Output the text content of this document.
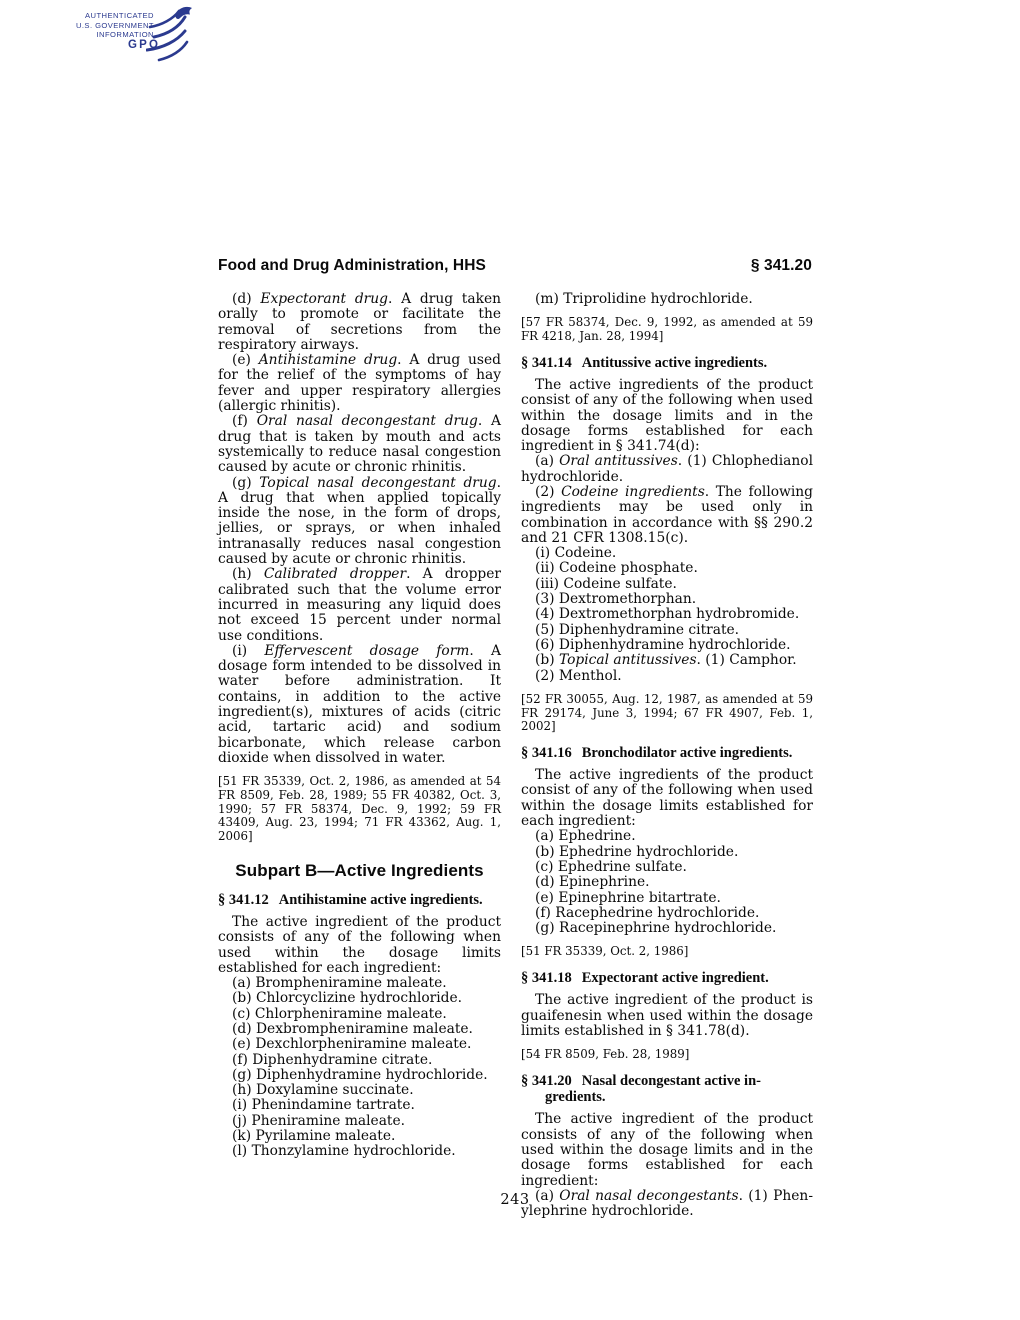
AUTHENTICATED
U.S. GOVERNMENT
INFORMATION
GPO
Food and Drug Administration, HHS	§ 341.20

(d) Expectorant drug. A drug taken orally to promote or facilitate the removal of secretions from the respiratory airways.

(e) Antihistamine drug. A drug used for the relief of the symptoms of hay fever and upper respiratory allergies (allergic rhinitis).

(f) Oral nasal decongestant drug. A drug that is taken by mouth and acts systemically to reduce nasal congestion caused by acute or chronic rhinitis.

(g) Topical nasal decongestant drug. A drug that when applied topically inside the nose, in the form of drops, jellies, or sprays, or when inhaled intranasally reduces nasal congestion caused by acute or chronic rhinitis.

(h) Calibrated dropper. A dropper calibrated such that the volume error incurred in measuring any liquid does not exceed 15 percent under normal use conditions.

(i) Effervescent dosage form. A dosage form intended to be dissolved in water before administration. It contains, in addition to the active ingredient(s), mixtures of acids (citric acid, tartaric acid) and sodium bicarbonate, which release carbon dioxide when dissolved in water.

[51 FR 35339, Oct. 2, 1986, as amended at 54 FR 8509, Feb. 28, 1989; 55 FR 40382, Oct. 3, 1990; 57 FR 58374, Dec. 9, 1992; 59 FR 43409, Aug. 23, 1994; 71 FR 43362, Aug. 1, 2006]

Subpart B—Active Ingredients
§ 341.12 Antihistamine active ingredients.

The active ingredient of the product consists of any of the following when used within the dosage limits established for each ingredient:

(a) Brompheniramine maleate.

(b) Chlorcyclizine hydrochloride.

(c) Chlorpheniramine maleate.

(d) Dexbrompheniramine maleate.

(e) Dexchlorpheniramine maleate.

(f) Diphenhydramine citrate.

(g) Diphenhydramine hydrochloride.

(h) Doxylamine succinate.

(i) Phenindamine tartrate.

(j) Pheniramine maleate.

(k) Pyrilamine maleate.

(l) Thonzylamine hydrochloride.

(m) Triprolidine hydrochloride.

[57 FR 58374, Dec. 9, 1992, as amended at 59 FR 4218, Jan. 28, 1994]

§ 341.14 Antitussive active ingredients.

The active ingredients of the product consist of any of the following when used within the dosage limits and in the dosage forms established for each ingredient in § 341.74(d):

(a) Oral antitussives. (1) Chlophedianol hydrochloride.

(2) Codeine ingredients. The following ingredients may be used only in combination in accordance with §§ 290.2 and 21 CFR 1308.15(c).

(i) Codeine.

(ii) Codeine phosphate.

(iii) Codeine sulfate.

(3) Dextromethorphan.

(4) Dextromethorphan hydrobromide.

(5) Diphenhydramine citrate.

(6) Diphenhydramine hydrochloride.

(b) Topical antitussives. (1) Camphor.

(2) Menthol.

[52 FR 30055, Aug. 12, 1987, as amended at 59 FR 29174, June 3, 1994; 67 FR 4907, Feb. 1, 2002]

§ 341.16 Bronchodilator active ingredients.

The active ingredients of the product consist of any of the following when used within the dosage limits established for each ingredient:

(a) Ephedrine.

(b) Ephedrine hydrochloride.

(c) Ephedrine sulfate.

(d) Epinephrine.

(e) Epinephrine bitartrate.

(f) Racephedrine hydrochloride.

(g) Racepinephrine hydrochloride.

[51 FR 35339, Oct. 2, 1986]

§ 341.18 Expectorant active ingredient.

The active ingredient of the product is guaifenesin when used within the dosage limits established in § 341.78(d).

[54 FR 8509, Feb. 28, 1989]

§ 341.20 Nasal decongestant active ingredients.

The active ingredient of the product consists of any of the following when used within the dosage limits and in the dosage forms established for each ingredient:

(a) Oral nasal decongestants. (1) Phenylephrine hydrochloride.

243
